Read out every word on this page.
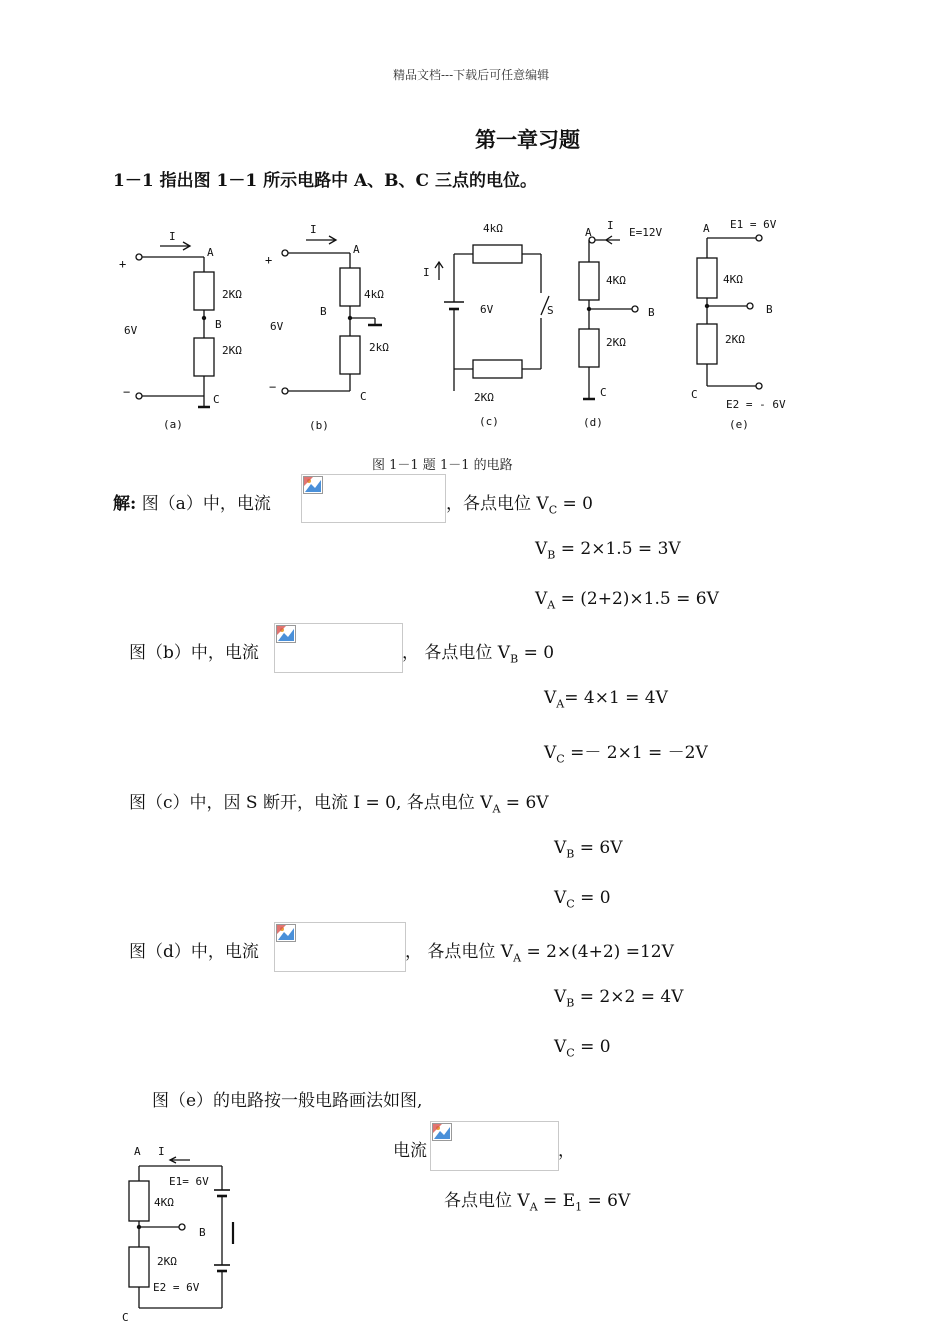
精品文档---下载后可任意编辑
第一章习题
1－1 指出图 1－1 所示电路中 A、B、C 三点的电位。
+
−
6V
I
A
B
C
2KΩ
2KΩ
(a)
+
−
6V
I
A
B
C
4kΩ
2kΩ
(b)
4kΩ
I
6V	S
2KΩ
(c)
A
I
E=12V
4KΩ
B
2KΩ
C
(d)
A E1 = 6V
4KΩ
B
2KΩ
C
E2 = - 6V
(e)
图 1－1 题 1－1 的电路
解: 图（a）中，电流	，各点电位 $V_C = 0$
$V_B = 2\times 1.5 = 3V$
$V_A = (2+2)\times 1.5 = 6V$
图（b）中，电流	， 各点电位 $V_B = 0$
$V_A= 4\times 1 = 4V$
$V_C =- 2\times 1 = -2V$
图（c）中，因 S 断开，电流 I = 0, 各点电位 $V_A = 6V$
$V_B = 6V$
$V_C = 0$
图（d）中，电流	， 各点电位 $V_A = 2\times(4+2) =12V$
$V_B = 2\times 2 = 4V$
$V_C = 0$
图（e）的电路按一般电路画法如图,
电流	，
各点电位 $V_A = E_1 = 6V$
A I
E1= 6V
4KΩ
B
2KΩ
E2 = 6V
C
